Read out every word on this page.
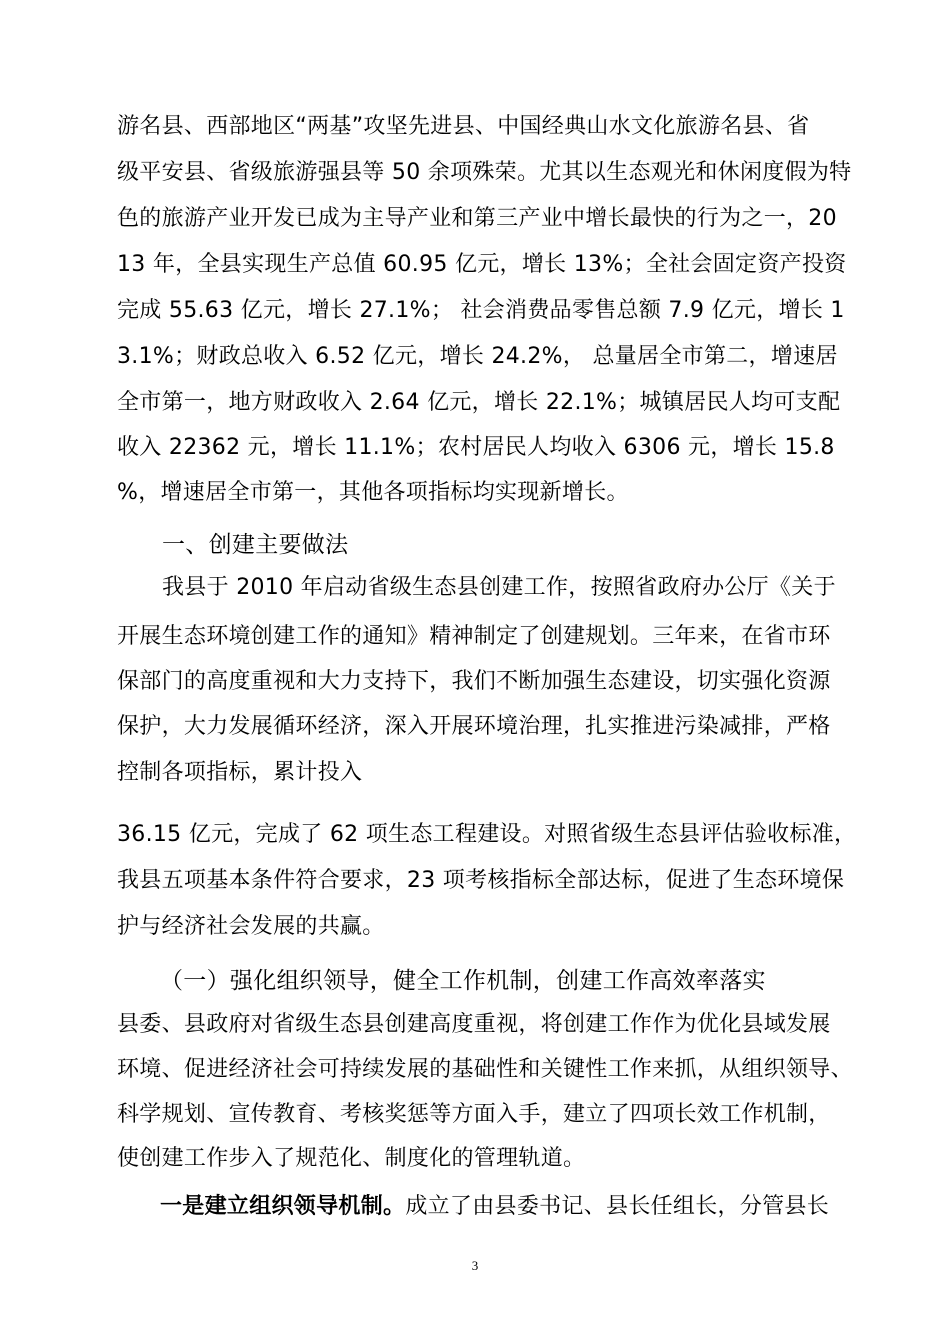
游名县、西部地区“两基”攻坚先进县、中国经典山水文化旅游名县、省
级平安县、省级旅游强县等 50 余项殊荣。尤其以生态观光和休闲度假为特
色的旅游产业开发已成为主导产业和第三产业中增长最快的行为之一，20
13 年，全县实现生产总值 60.95 亿元，增长 13%；全社会固定资产投资
完成 55.63 亿元，增长 27.1%； 社会消费品零售总额 7.9 亿元，增长 1
3.1%；财政总收入 6.52 亿元，增长 24.2%， 总量居全市第二，增速居
全市第一，地方财政收入 2.64 亿元，增长 22.1%；城镇居民人均可支配
收入 22362 元，增长 11.1%；农村居民人均收入 6306 元，增长 15.8
%，增速居全市第一，其他各项指标均实现新增长。
一、创建主要做法
我县于 2010 年启动省级生态县创建工作，按照省政府办公厅《关于
开展生态环境创建工作的通知》精神制定了创建规划。三年来，在省市环
保部门的高度重视和大力支持下，我们不断加强生态建设，切实强化资源
保护，大力发展循环经济，深入开展环境治理，扎实推进污染减排，严格
控制各项指标，累计投入
36.15 亿元，完成了 62 项生态工程建设。对照省级生态县评估验收标准，
我县五项基本条件符合要求，23 项考核指标全部达标，促进了生态环境保
护与经济社会发展的共赢。
（一）强化组织领导，健全工作机制，创建工作高效率落实
县委、县政府对省级生态县创建高度重视，将创建工作作为优化县域发展
环境、促进经济社会可持续发展的基础性和关键性工作来抓，从组织领导、
科学规划、宣传教育、考核奖惩等方面入手，建立了四项长效工作机制，
使创建工作步入了规范化、制度化的管理轨道。
一是建立组织领导机制。成立了由县委书记、县长任组长，分管县长
3
